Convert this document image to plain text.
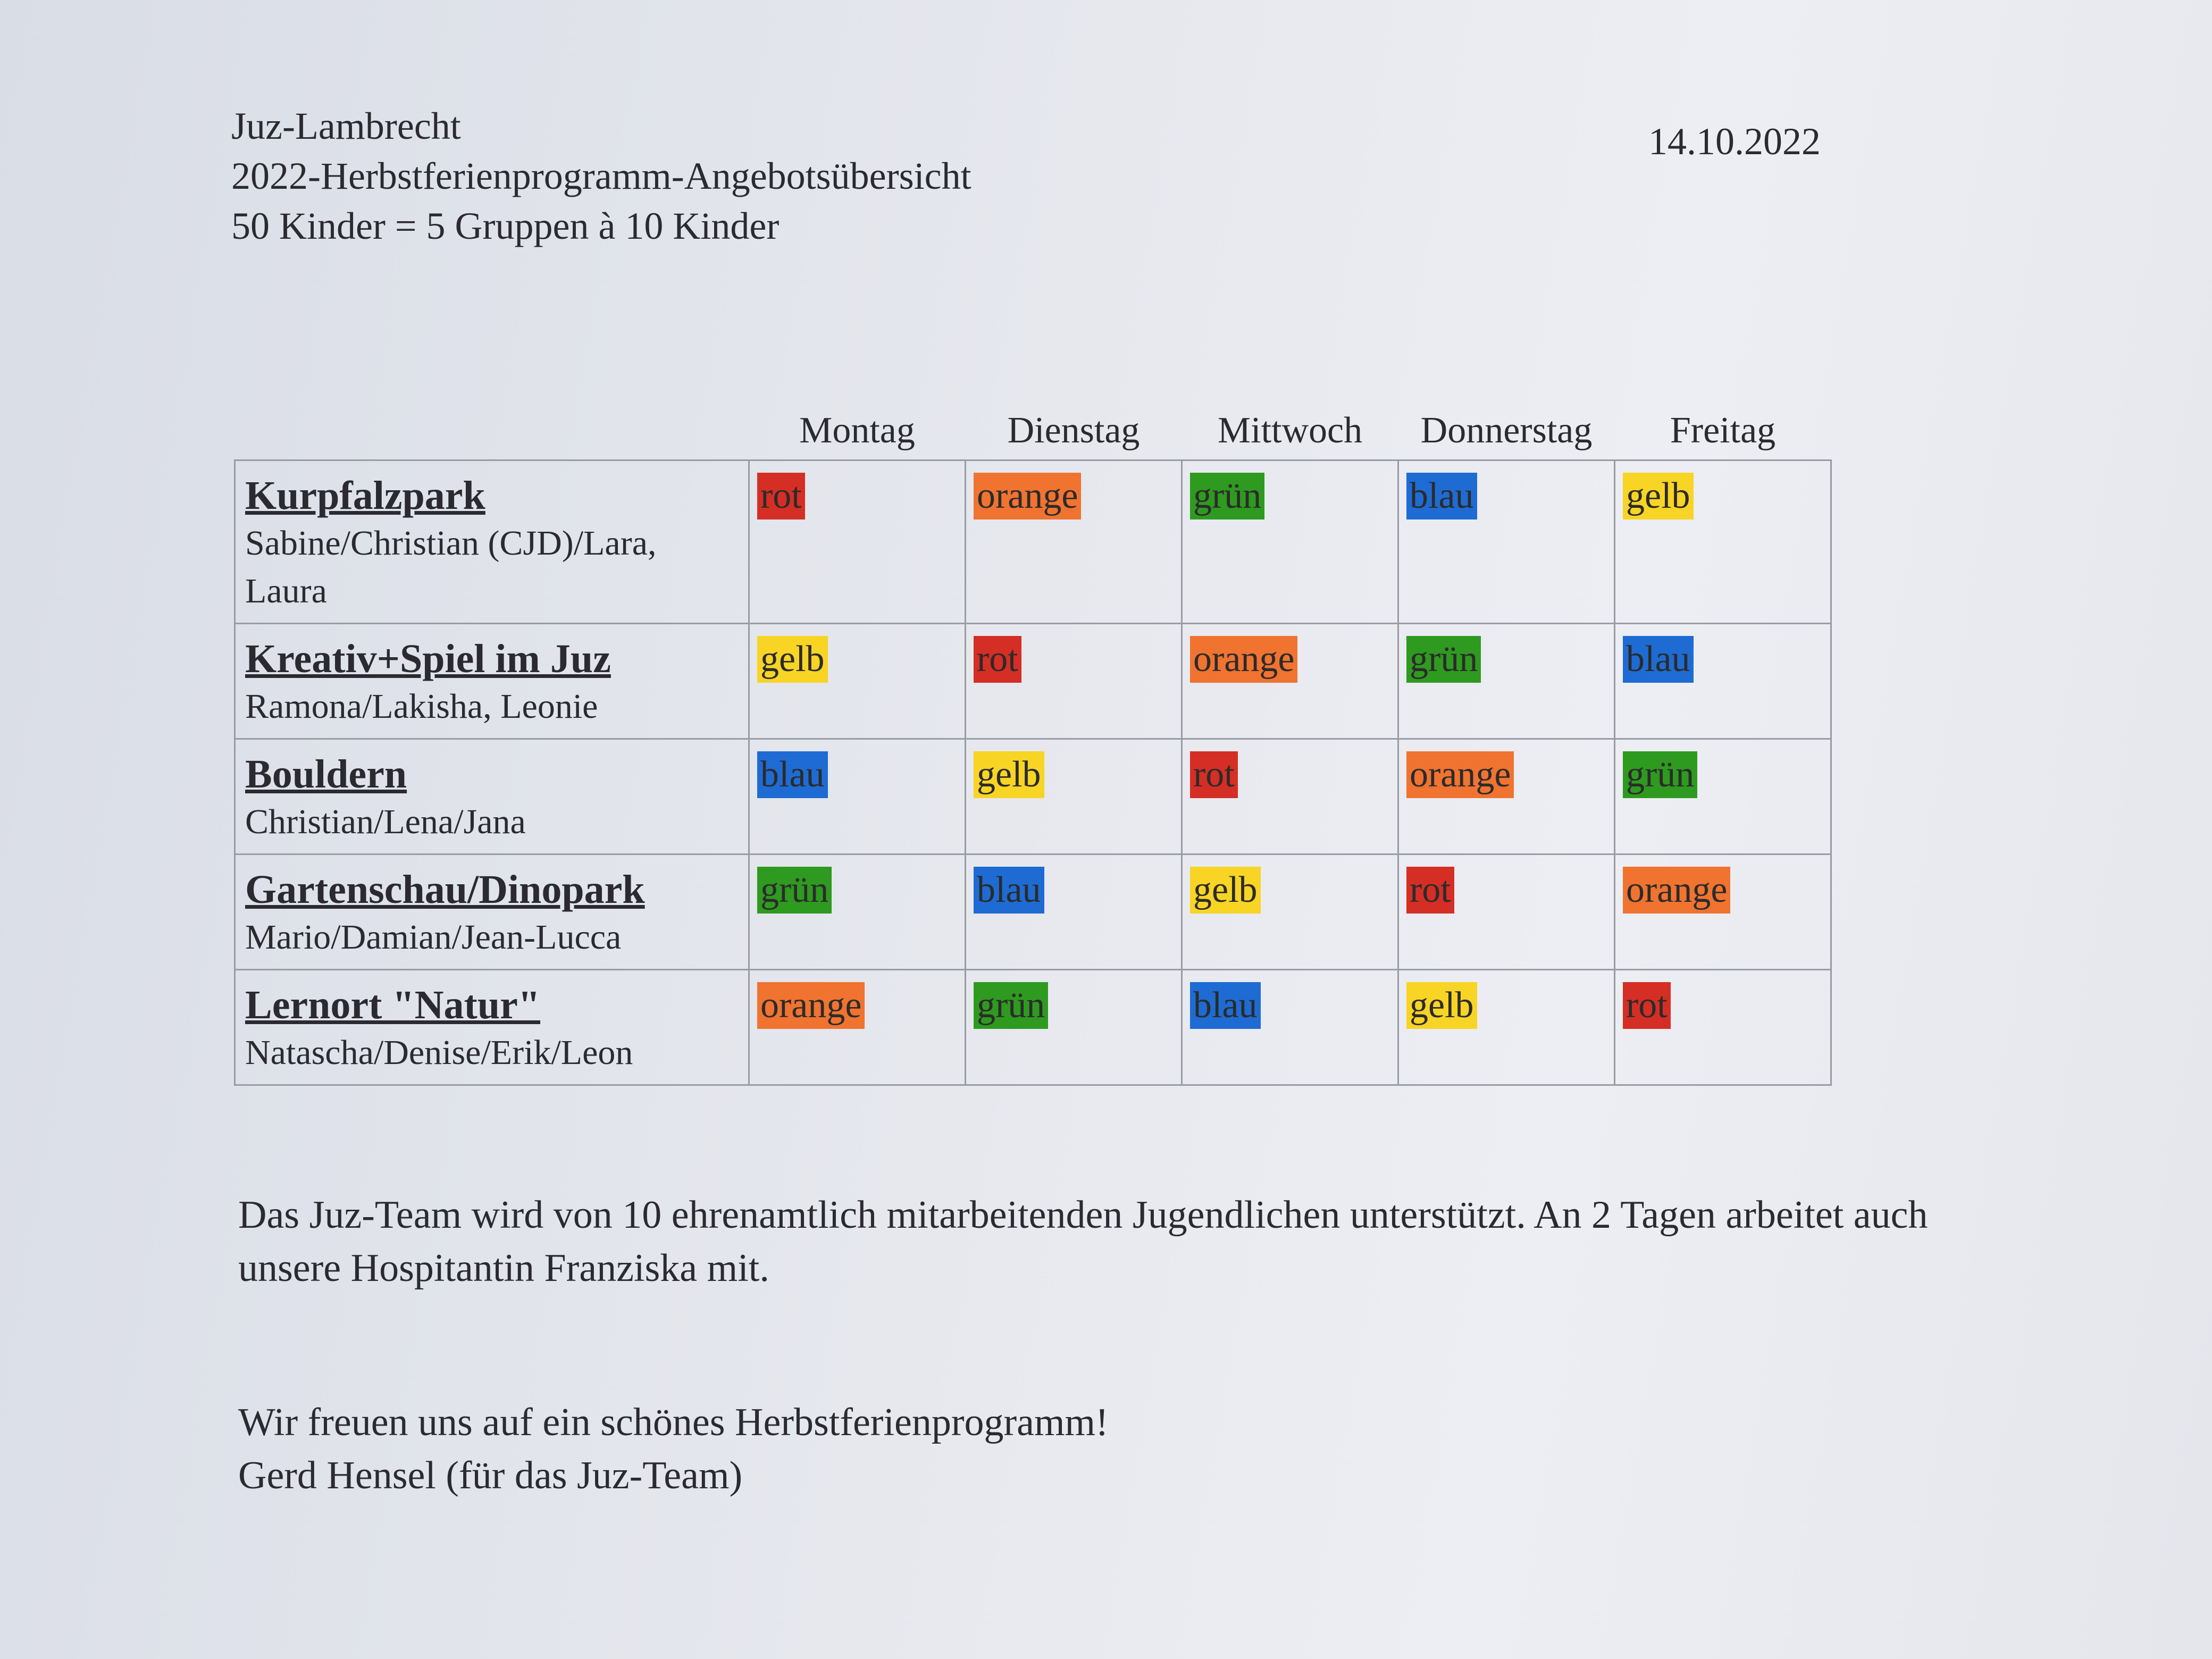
Juz-Lambrecht
2022-Herbstferienprogramm-Angebotsübersicht
50 Kinder = 5 Gruppen à 10 Kinder
14.10.2022
	Montag	Dienstag	Mittwoch	Donnerstag	Freitag

Kurpfalzpark
Sabine/Christian (CJD)/Lara, Laura	rot	orange	grün	blau	gelb

Kreativ+Spiel im Juz
Ramona/Lakisha, Leonie	gelb	rot	orange	grün	blau

Bouldern
Christian/Lena/Jana	blau	gelb	rot	orange	grün

Gartenschau/Dinopark
Mario/Damian/Jean-Lucca	grün	blau	gelb	rot	orange

Lernort "Natur"
Natascha/Denise/Erik/Leon	orange	grün	blau	gelb	rot
Das Juz-Team wird von 10 ehrenamtlich mitarbeitenden Jugendlichen unterstützt. An 2 Tagen arbeitet auch unsere Hospitantin Franziska mit.
Wir freuen uns auf ein schönes Herbstferienprogramm!
Gerd Hensel (für das Juz-Team)
